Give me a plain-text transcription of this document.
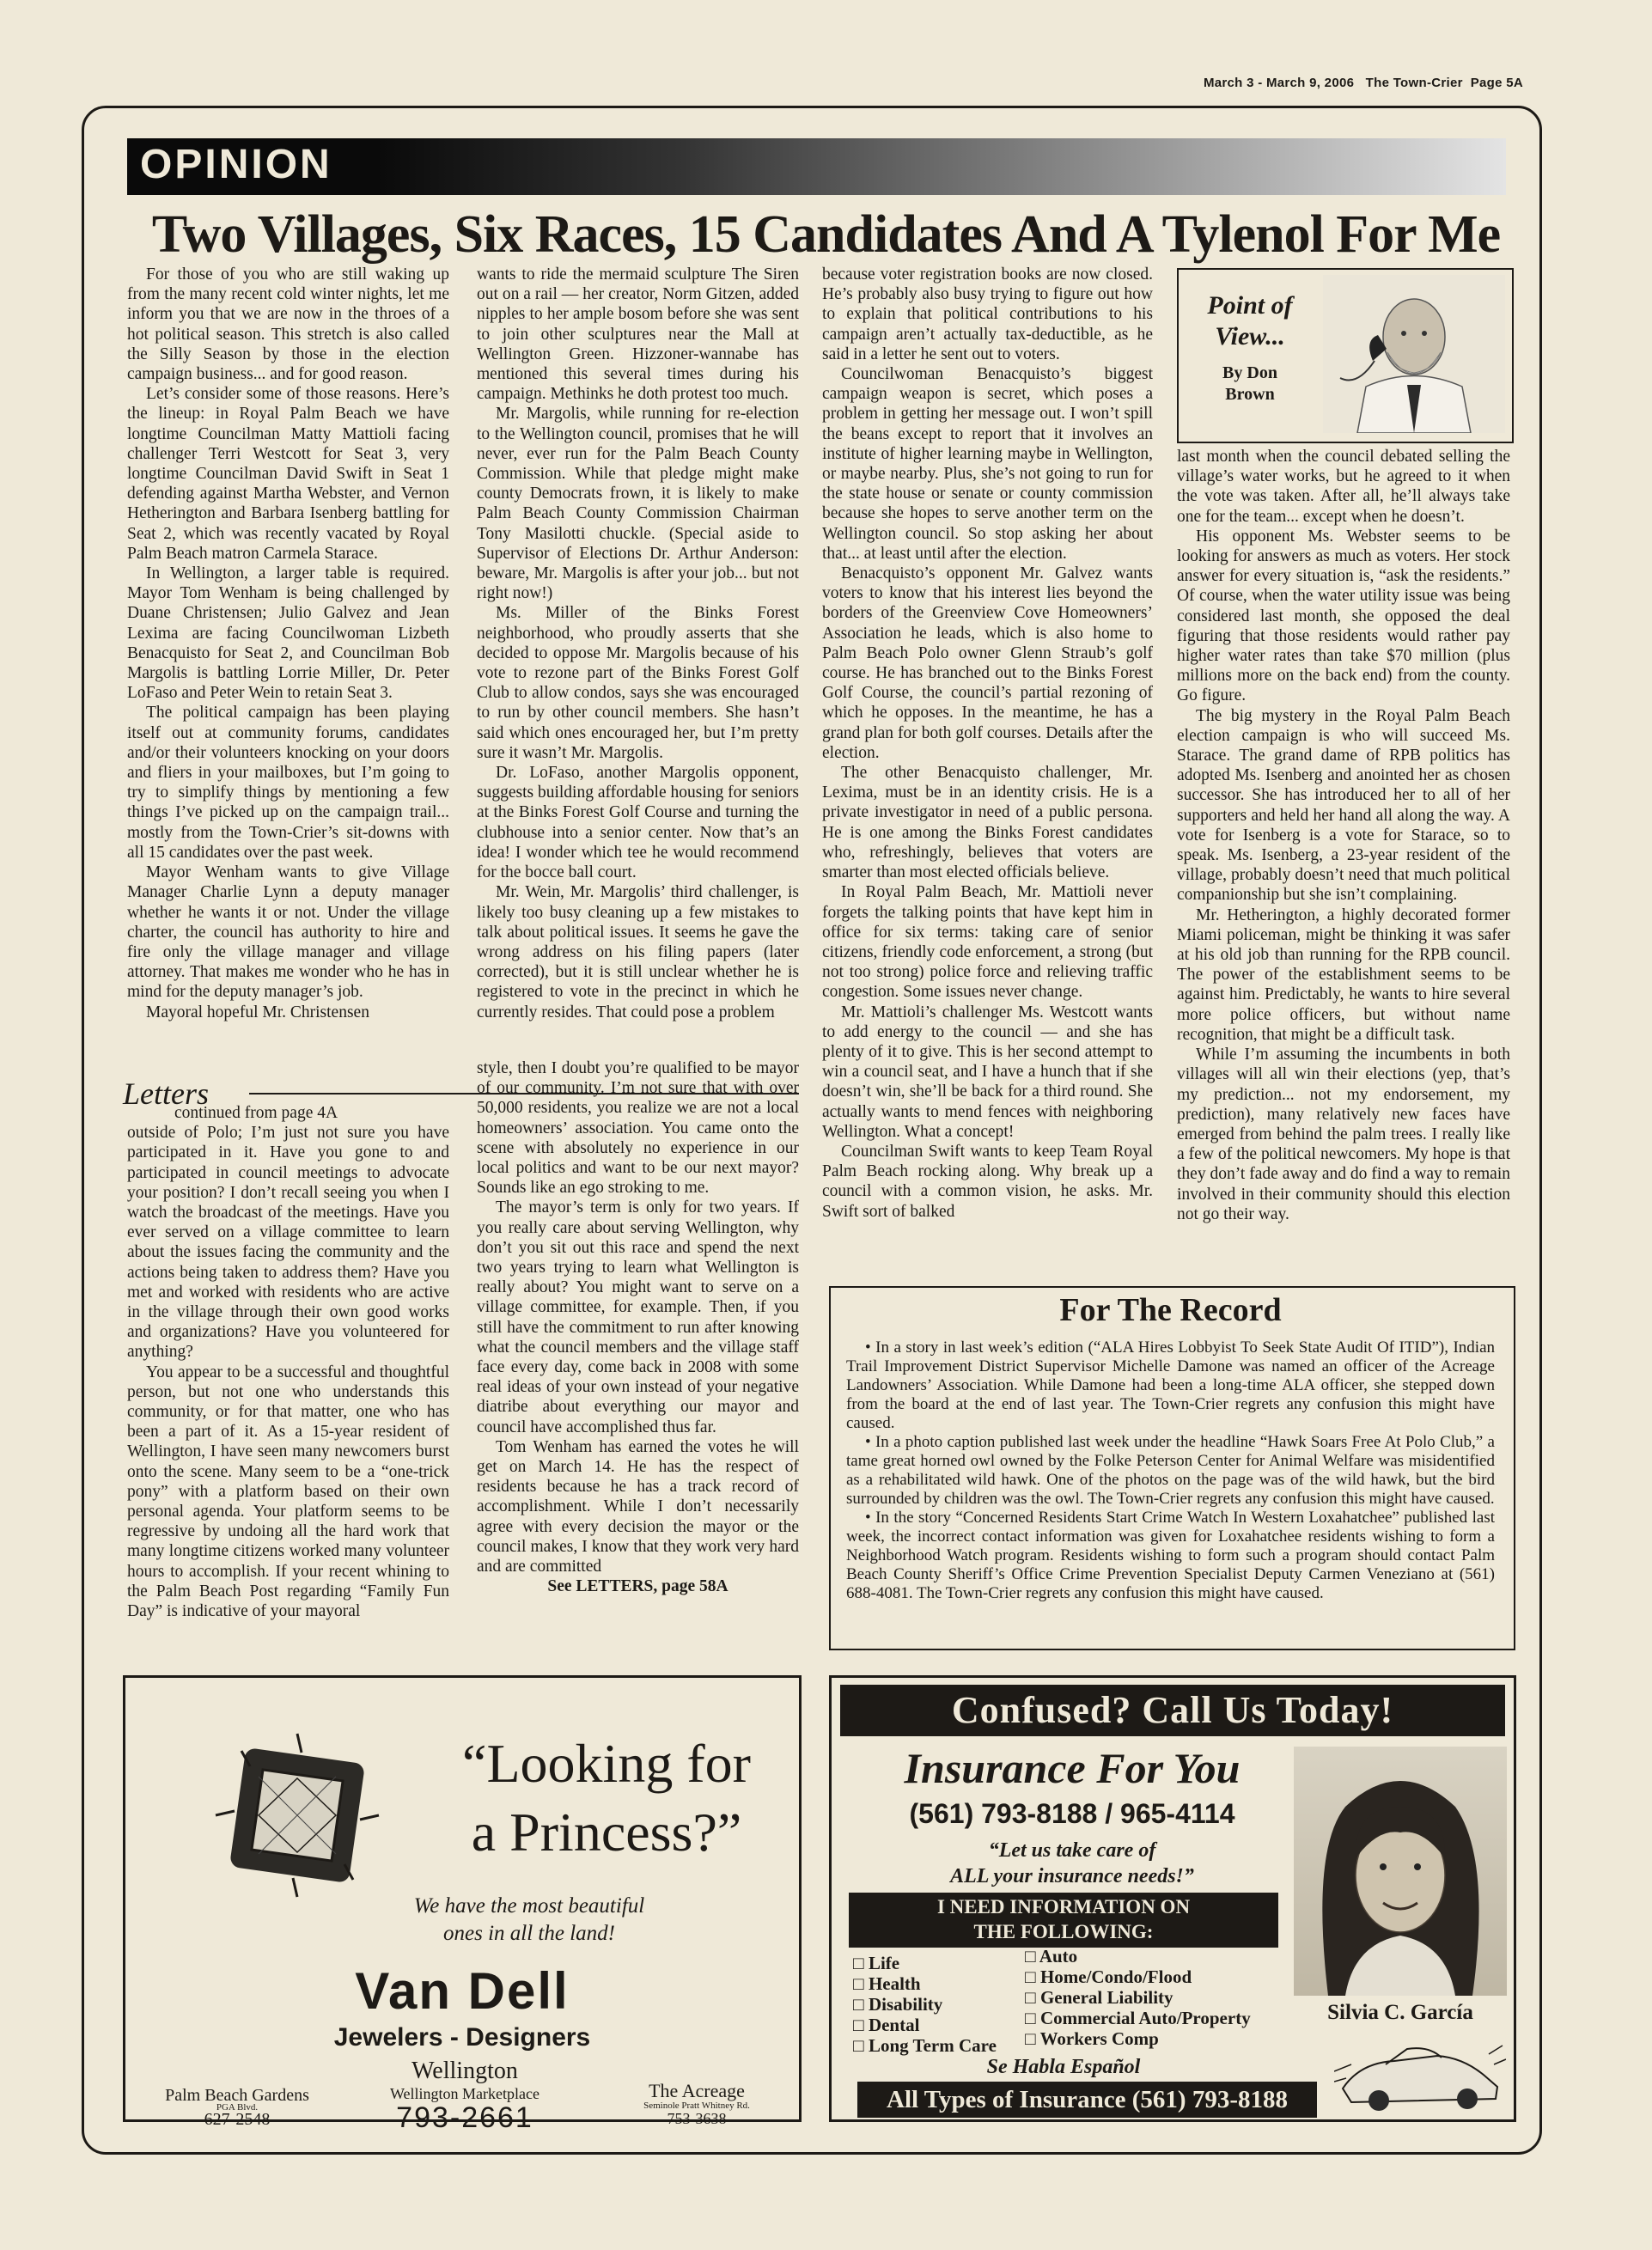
March 3 - March 9, 2006 The Town-Crier Page 5A
OPINION
Two Villages, Six Races, 15 Candidates And A Tylenol For Me

For those of you who are still waking up from the many recent cold winter nights, let me inform you that we are now in the throes of a hot political season. This stretch is also called the Silly Season by those in the election campaign business... and for good reason.

Let’s consider some of those reasons. Here’s the lineup: in Royal Palm Beach we have longtime Councilman Matty Mattioli facing challenger Terri Westcott for Seat 3, very longtime Councilman David Swift in Seat 1 defending against Martha Webster, and Vernon Hetherington and Barbara Isenberg battling for Seat 2, which was recently vacated by Royal Palm Beach matron Carmela Starace.

In Wellington, a larger table is required. Mayor Tom Wenham is being challenged by Duane Christensen; Julio Galvez and Jean Lexima are facing Councilwoman Lizbeth Benacquisto for Seat 2, and Councilman Bob Margolis is battling Lorrie Miller, Dr. Peter LoFaso and Peter Wein to retain Seat 3.

The political campaign has been playing itself out at community forums, candidates and/or their volunteers knocking on your doors and fliers in your mailboxes, but I’m going to try to simplify things by mentioning a few things I’ve picked up on the campaign trail... mostly from the Town-Crier’s sit-downs with all 15 candidates over the past week.

Mayor Wenham wants to give Village Manager Charlie Lynn a deputy manager whether he wants it or not. Under the village charter, the council has authority to hire and fire only the village manager and village attorney. That makes me wonder who he has in mind for the deputy manager’s job.

Mayoral hopeful Mr. Christensen

wants to ride the mermaid sculpture The Siren out on a rail — her creator, Norm Gitzen, added nipples to her ample bosom before she was sent to join other sculptures near the Mall at Wellington Green. Hizzoner-wannabe has mentioned this several times during his campaign. Methinks he doth protest too much.

Mr. Margolis, while running for re-election to the Wellington council, promises that he will never, ever run for the Palm Beach County Commission. While that pledge might make county Democrats frown, it is likely to make Palm Beach County Commission Chairman Tony Masilotti chuckle. (Special aside to Supervisor of Elections Dr. Arthur Anderson: beware, Mr. Margolis is after your job... but not right now!)

Ms. Miller of the Binks Forest neighborhood, who proudly asserts that she decided to oppose Mr. Margolis because of his vote to rezone part of the Binks Forest Golf Club to allow condos, says she was encouraged to run by other council members. She hasn’t said which ones encouraged her, but I’m pretty sure it wasn’t Mr. Margolis.

Dr. LoFaso, another Margolis opponent, suggests building affordable housing for seniors at the Binks Forest Golf Course and turning the clubhouse into a senior center. Now that’s an idea! I wonder which tee he would recommend for the bocce ball court.

Mr. Wein, Mr. Margolis’ third challenger, is likely too busy cleaning up a few mistakes to talk about political issues. It seems he gave the wrong address on his filing papers (later corrected), but it is still unclear whether he is registered to vote in the precinct in which he currently resides. That could pose a problem

because voter registration books are now closed. He’s probably also busy trying to figure out how to explain that political contributions to his campaign aren’t actually tax-deductible, as he said in a letter he sent out to voters.

Councilwoman Benacquisto’s biggest campaign weapon is secret, which poses a problem in getting her message out. I won’t spill the beans except to report that it involves an institute of higher learning maybe in Wellington, or maybe nearby. Plus, she’s not going to run for the state house or senate or county commission because she hopes to serve another term on the Wellington council. So stop asking her about that... at least until after the election.

Benacquisto’s opponent Mr. Galvez wants voters to know that his interest lies beyond the borders of the Greenview Cove Homeowners’ Association he leads, which is also home to Palm Beach Polo owner Glenn Straub’s golf course. He has branched out to the Binks Forest Golf Course, the council’s partial rezoning of which he opposes. In the meantime, he has a grand plan for both golf courses. Details after the election.

The other Benacquisto challenger, Mr. Lexima, must be in an identity crisis. He is a private investigator in need of a public persona. He is one among the Binks Forest candidates who, refreshingly, believes that voters are smarter than most elected officials believe.

In Royal Palm Beach, Mr. Mattioli never forgets the talking points that have kept him in office for six terms: taking care of senior citizens, friendly code enforcement, a strong (but not too strong) police force and relieving traffic congestion. Some issues never change.

Mr. Mattioli’s challenger Ms. Westcott wants to add energy to the council — and she has plenty of it to give. This is her second attempt to win a council seat, and I have a hunch that if she doesn’t win, she’ll be back for a third round. She actually wants to mend fences with neighboring Wellington. What a concept!

Councilman Swift wants to keep Team Royal Palm Beach rocking along. Why break up a council with a common vision, he asks. Mr. Swift sort of balked

Point of
View...
By Don
Brown

last month when the council debated selling the village’s water works, but he agreed to it when the vote was taken. After all, he’ll always take one for the team... except when he doesn’t.

His opponent Ms. Webster seems to be looking for answers as much as voters. Her stock answer for every situation is, “ask the residents.” Of course, when the water utility issue was being considered last month, she opposed the deal figuring that those residents would rather pay higher water rates than take $70 million (plus millions more on the back end) from the county. Go figure.

The big mystery in the Royal Palm Beach election campaign is who will succeed Ms. Starace. The grand dame of RPB politics has adopted Ms. Isenberg and anointed her as chosen successor. She has introduced her to all of her supporters and held her hand all along the way. A vote for Isenberg is a vote for Starace, so to speak. Ms. Isenberg, a 23-year resident of the village, probably doesn’t need that much political companionship but she isn’t complaining.

Mr. Hetherington, a highly decorated former Miami policeman, might be thinking it was safer at his old job than running for the RPB council. The power of the establishment seems to be against him. Predictably, he wants to hire several more police officers, but without name recognition, that might be a difficult task.

While I’m assuming the incumbents in both villages will all win their elections (yep, that’s my prediction... not my endorsement, my prediction), many relatively new faces have emerged from behind the palm trees. I really like a few of the political newcomers. My hope is that they don’t fade away and do find a way to remain involved in their community should this election not go their way.

Letters

continued from page 4A

outside of Polo; I’m just not sure you have participated in it. Have you gone to and participated in council meetings to advocate your position? I don’t recall seeing you when I watch the broadcast of the meetings. Have you ever served on a village committee to learn about the issues facing the community and the actions being taken to address them? Have you met and worked with residents who are active in the village through their own good works and organizations? Have you volunteered for anything?

You appear to be a successful and thoughtful person, but not one who understands this community, or for that matter, one who has been a part of it. As a 15-year resident of Wellington, I have seen many newcomers burst onto the scene. Many seem to be a “one-trick pony” with a platform based on their own personal agenda. Your platform seems to be regressive by undoing all the hard work that many longtime citizens worked many volunteer hours to accomplish. If your recent whining to the Palm Beach Post regarding “Family Fun Day” is indicative of your mayoral

style, then I doubt you’re qualified to be mayor of our community. I’m not sure that with over 50,000 residents, you realize we are not a local homeowners’ association. You came onto the scene with absolutely no experience in our local politics and want to be our next mayor? Sounds like an ego stroking to me.

The mayor’s term is only for two years. If you really care about serving Wellington, why don’t you sit out this race and spend the next two years trying to learn what Wellington is really about? You might want to serve on a village committee, for example. Then, if you still have the commitment to run after knowing what the council members and the village staff face every day, come back in 2008 with some real ideas of your own instead of your negative diatribe about everything our mayor and council have accomplished thus far.

Tom Wenham has earned the votes he will get on March 14. He has the respect of residents because he has a track record of accomplishment. While I don’t necessarily agree with every decision the mayor or the council makes, I know that they work very hard and are committed

See LETTERS, page 58A

For The Record

• In a story in last week’s edition (“ALA Hires Lobbyist To Seek State Audit Of ITID”), Indian Trail Improvement District Supervisor Michelle Damone was named an officer of the Acreage Landowners’ Association. While Damone had been a long-time ALA officer, she stepped down from the board at the end of last year. The Town-Crier regrets any confusion this might have caused.

• In a photo caption published last week under the headline “Hawk Soars Free At Polo Club,” a tame great horned owl owned by the Folke Peterson Center for Animal Welfare was misidentified as a rehabilitated wild hawk. One of the photos on the page was of the wild hawk, but the bird surrounded by children was the owl. The Town-Crier regrets any confusion this might have caused.

• In the story “Concerned Residents Start Crime Watch In Western Loxahatchee” published last week, the incorrect contact information was given for Loxahatchee residents wishing to form a Neighborhood Watch program. Residents wishing to form such a program should contact Palm Beach County Sheriff’s Office Crime Prevention Specialist Deputy Carmen Veneziano at (561) 688-4081. The Town-Crier regrets any confusion this might have caused.

“Looking for
a Princess?”
We have the most beautiful
ones in all the land!
Van Dell
Jewelers - Designers
Palm Beach Gardens
PGA Blvd.
627-2548
Wellington
Wellington Marketplace
793-2661
The Acreage
Seminole Pratt Whitney Rd.
753-3638
Confused? Call Us Today!
Insurance For You
(561) 793-8188 / 965-4114
“Let us take care of
ALL your insurance needs!”
I NEED INFORMATION ON
THE FOLLOWING:
□ Life
□ Health
□ Disability
□ Dental
□ Long Term Care
□ Auto
□ Home/Condo/Flood
□ General Liability
□ Commercial Auto/Property
□ Workers Comp
Se Habla Español
All Types of Insurance (561) 793-8188
Silvia C. García
